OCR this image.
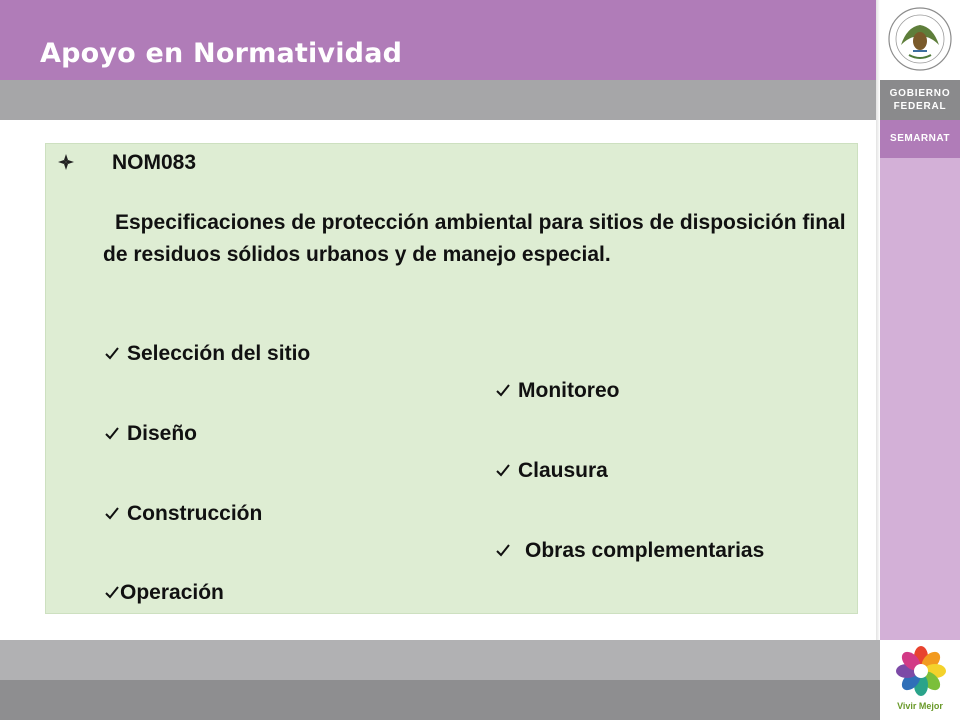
Apoyo en Normatividad
GOBIERNO
FEDERAL
SEMARNAT
Vivir Mejor
NOM083
Especificaciones de protección ambiental para sitios de disposición final de residuos sólidos urbanos y de manejo especial.
Selección del sitio
Diseño
Construcción
Operación
Monitoreo
Clausura
Obras complementarias
